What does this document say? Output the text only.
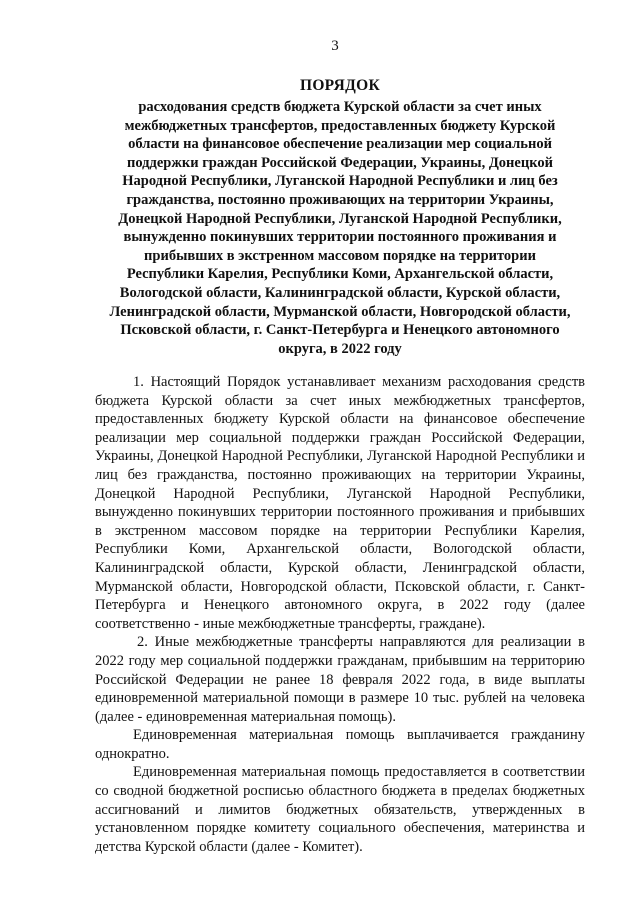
3

ПОРЯДОК

расходования средств бюджета Курской области за счет иных
межбюджетных трансфертов, предоставленных бюджету Курской
области на финансовое обеспечение реализации мер социальной
поддержки граждан Российской Федерации, Украины, Донецкой
Народной Республики, Луганской Народной Республики и лиц без
гражданства, постоянно проживающих на территории Украины,
Донецкой Народной Республики, Луганской Народной Республики,
вынужденно покинувших территории постоянного проживания и
прибывших в экстренном массовом порядке на территории
Республики Карелия, Республики Коми, Архангельской области,
Вологодской области, Калининградской области, Курской области,
Ленинградской области, Мурманской области, Новгородской области,
Псковской области, г. Санкт-Петербурга и Ненецкого автономного
округа, в 2022 году

1. Настоящий Порядок устанавливает механизм расходования средств бюджета Курской области за счет иных межбюджетных трансфертов, предоставленных бюджету Курской области на финансовое обеспечение реализации мер социальной поддержки граждан Российской Федерации, Украины, Донецкой Народной Республики, Луганской Народной Республики и лиц без гражданства, постоянно проживающих на территории Украины, Донецкой Народной Республики, Луганской Народной Республики, вынужденно покинувших территории постоянного проживания и прибывших в экстренном массовом порядке на территории Республики Карелия, Республики Коми, Архангельской области, Вологодской области, Калининградской области, Курской области, Ленинградской области, Мурманской области, Новгородской области, Псковской области, г. Санкт-Петербурга и Ненецкого автономного округа, в 2022 году (далее соответственно - иные межбюджетные трансферты, граждане).

2. Иные межбюджетные трансферты направляются для реализации в 2022 году мер социальной поддержки гражданам, прибывшим на территорию Российской Федерации не ранее 18 февраля 2022 года, в виде выплаты единовременной материальной помощи в размере 10 тыс. рублей на человека (далее - единовременная материальная помощь).

Единовременная материальная помощь выплачивается гражданину однократно.

Единовременная материальная помощь предоставляется в соответствии со сводной бюджетной росписью областного бюджета в пределах бюджетных ассигнований и лимитов бюджетных обязательств, утвержденных в установленном порядке комитету социального обеспечения, материнства и детства Курской области (далее - Комитет).
